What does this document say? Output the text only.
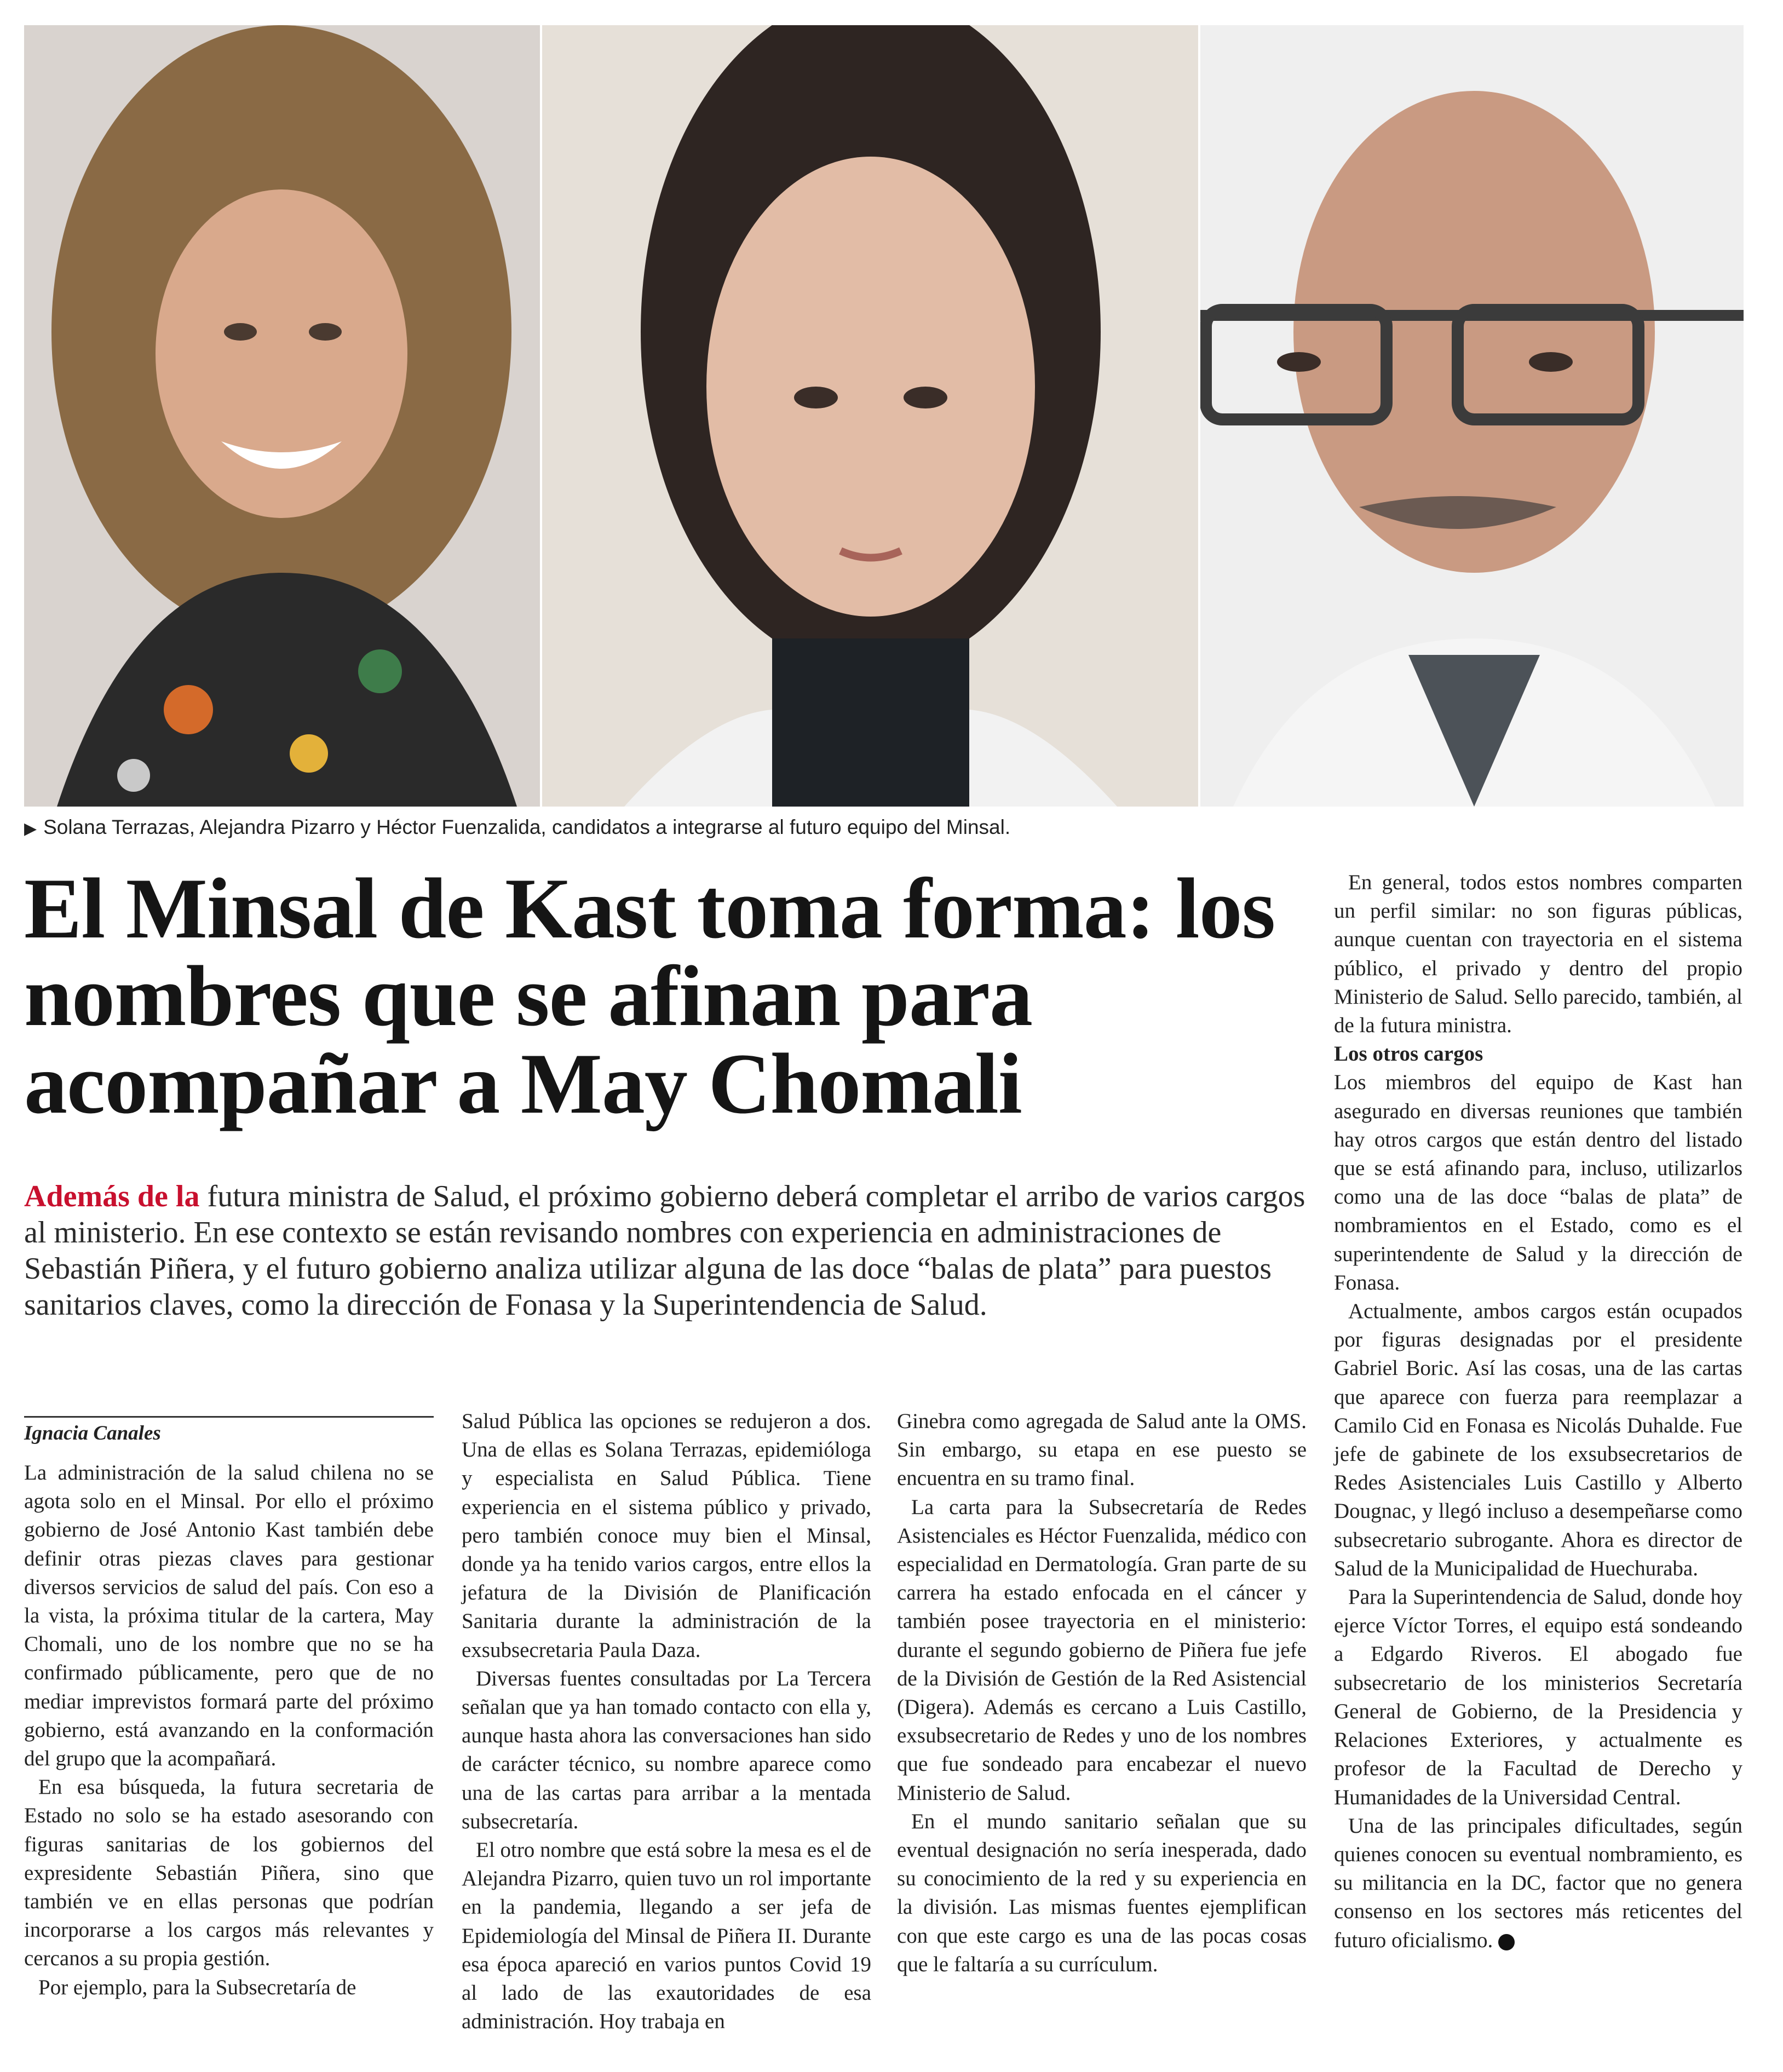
▶ Solana Terrazas, Alejandra Pizarro y Héctor Fuenzalida, candidatos a integrarse al futuro equipo del Minsal.
El Minsal de Kast toma forma: los nombres que se afinan para acompañar a May Chomali

Además de la futura ministra de Salud, el próximo gobierno deberá completar el arribo de varios cargos al ministerio. En ese contexto se están revisando nombres con experiencia en administraciones de Sebastián Piñera, y el futuro gobierno analiza utilizar alguna de las doce “balas de plata” para puestos sanitarios claves, como la dirección de Fonasa y la Superintendencia de Salud.

Ignacia Canales

La administración de la salud chilena no se agota solo en el Minsal. Por ello el próximo gobierno de José Antonio Kast también debe definir otras piezas claves para gestionar diversos servicios de salud del país. Con eso a la vista, la próxima titular de la cartera, May Chomali, uno de los nombre que no se ha confirmado públicamente, pero que de no mediar imprevistos formará parte del próximo gobierno, está avanzando en la conformación del grupo que la acompañará.

En esa búsqueda, la futura secretaria de Estado no solo se ha estado asesorando con figuras sanitarias de los gobiernos del expresidente Sebastián Piñera, sino que también ve en ellas personas que podrían incorporarse a los cargos más relevantes y cercanos a su propia gestión.

Por ejemplo, para la Subsecretaría de

Salud Pública las opciones se redujeron a dos. Una de ellas es Solana Terrazas, epidemióloga y especialista en Salud Pública. Tiene experiencia en el sistema público y privado, pero también conoce muy bien el Minsal, donde ya ha tenido varios cargos, entre ellos la jefatura de la División de Planificación Sanitaria durante la administración de la exsubsecretaria Paula Daza.

Diversas fuentes consultadas por La Tercera señalan que ya han tomado contacto con ella y, aunque hasta ahora las conversaciones han sido de carácter técnico, su nombre aparece como una de las cartas para arribar a la mentada subsecretaría.

El otro nombre que está sobre la mesa es el de Alejandra Pizarro, quien tuvo un rol importante en la pandemia, llegando a ser jefa de Epidemiología del Minsal de Piñera II. Durante esa época apareció en varios puntos Covid 19 al lado de las exautoridades de esa administración. Hoy trabaja en

Ginebra como agregada de Salud ante la OMS. Sin embargo, su etapa en ese puesto se encuentra en su tramo final.

La carta para la Subsecretaría de Redes Asistenciales es Héctor Fuenzalida, médico con especialidad en Dermatología. Gran parte de su carrera ha estado enfocada en el cáncer y también posee trayectoria en el ministerio: durante el segundo gobierno de Piñera fue jefe de la División de Gestión de la Red Asistencial (Digera). Además es cercano a Luis Castillo, exsubsecretario de Redes y uno de los nombres que fue sondeado para encabezar el nuevo Ministerio de Salud.

En el mundo sanitario señalan que su eventual designación no sería inesperada, dado su conocimiento de la red y su experiencia en la división. Las mismas fuentes ejemplifican con que este cargo es una de las pocas cosas que le faltaría a su currículum.

En general, todos estos nombres comparten un perfil similar: no son figuras públicas, aunque cuentan con trayectoria en el sistema público, el privado y dentro del propio Ministerio de Salud. Sello parecido, también, al de la futura ministra.

Los otros cargos

Los miembros del equipo de Kast han asegurado en diversas reuniones que también hay otros cargos que están dentro del listado que se está afinando para, incluso, utilizarlos como una de las doce “balas de plata” de nombramientos en el Estado, como es el superintendente de Salud y la dirección de Fonasa.

Actualmente, ambos cargos están ocupados por figuras designadas por el presidente Gabriel Boric. Así las cosas, una de las cartas que aparece con fuerza para reemplazar a Camilo Cid en Fonasa es Nicolás Duhalde. Fue jefe de gabinete de los exsubsecretarios de Redes Asistenciales Luis Castillo y Alberto Dougnac, y llegó incluso a desempeñarse como subsecretario subrogante. Ahora es director de Salud de la Municipalidad de Huechuraba.

Para la Superintendencia de Salud, donde hoy ejerce Víctor Torres, el equipo está sondeando a Edgardo Riveros. El abogado fue subsecretario de los ministerios Secretaría General de Gobierno, de la Presidencia y Relaciones Exteriores, y actualmente es profesor de la Facultad de Derecho y Humanidades de la Universidad Central.

Una de las principales dificultades, según quienes conocen su eventual nombramiento, es su militancia en la DC, factor que no genera consenso en los sectores más reticentes del futuro oficialismo.
